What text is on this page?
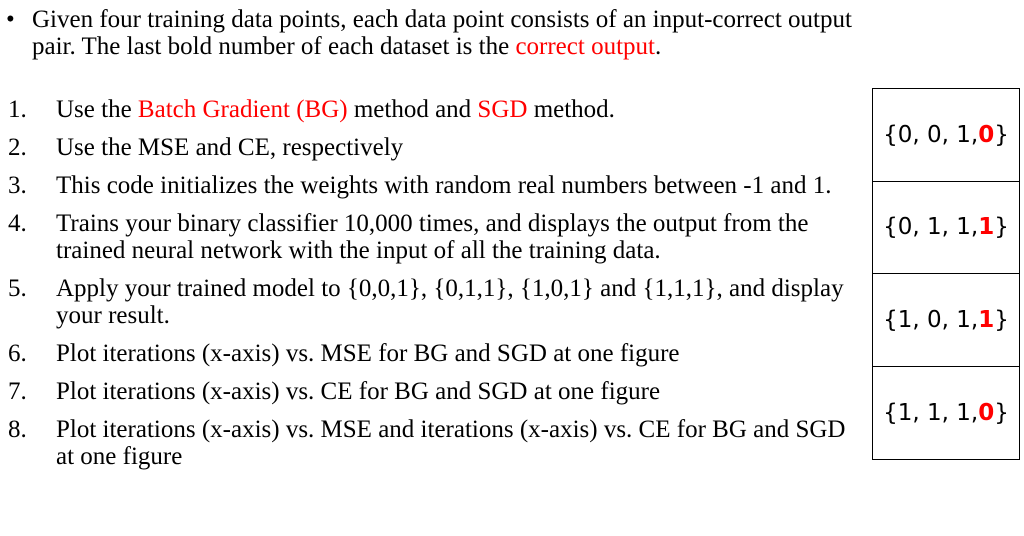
• Given four training data points, each data point consists of an input-correct output pair. The last bold number of each dataset is the correct output.
1. Use the Batch Gradient (BG) method and SGD method.
2. Use the MSE and CE, respectively
3. This code initializes the weights with random real numbers between -1 and 1.
4. Trains your binary classifier 10,000 times, and displays the output from the trained neural network with the input of all the training data.
5. Apply your trained model to {0,0,1}, {0,1,1}, {1,0,1} and {1,1,1}, and display your result.
6. Plot iterations (x-axis) vs. MSE for BG and SGD at one figure
7. Plot iterations (x-axis) vs. CE for BG and SGD at one figure
8. Plot iterations (x-axis) vs. MSE and iterations (x-axis) vs. CE for BG and SGD at one figure
{0, 0, 1, 0 }
{0, 1, 1, 1 }
{1, 0, 1, 1 }
{1, 1, 1, 0 }
